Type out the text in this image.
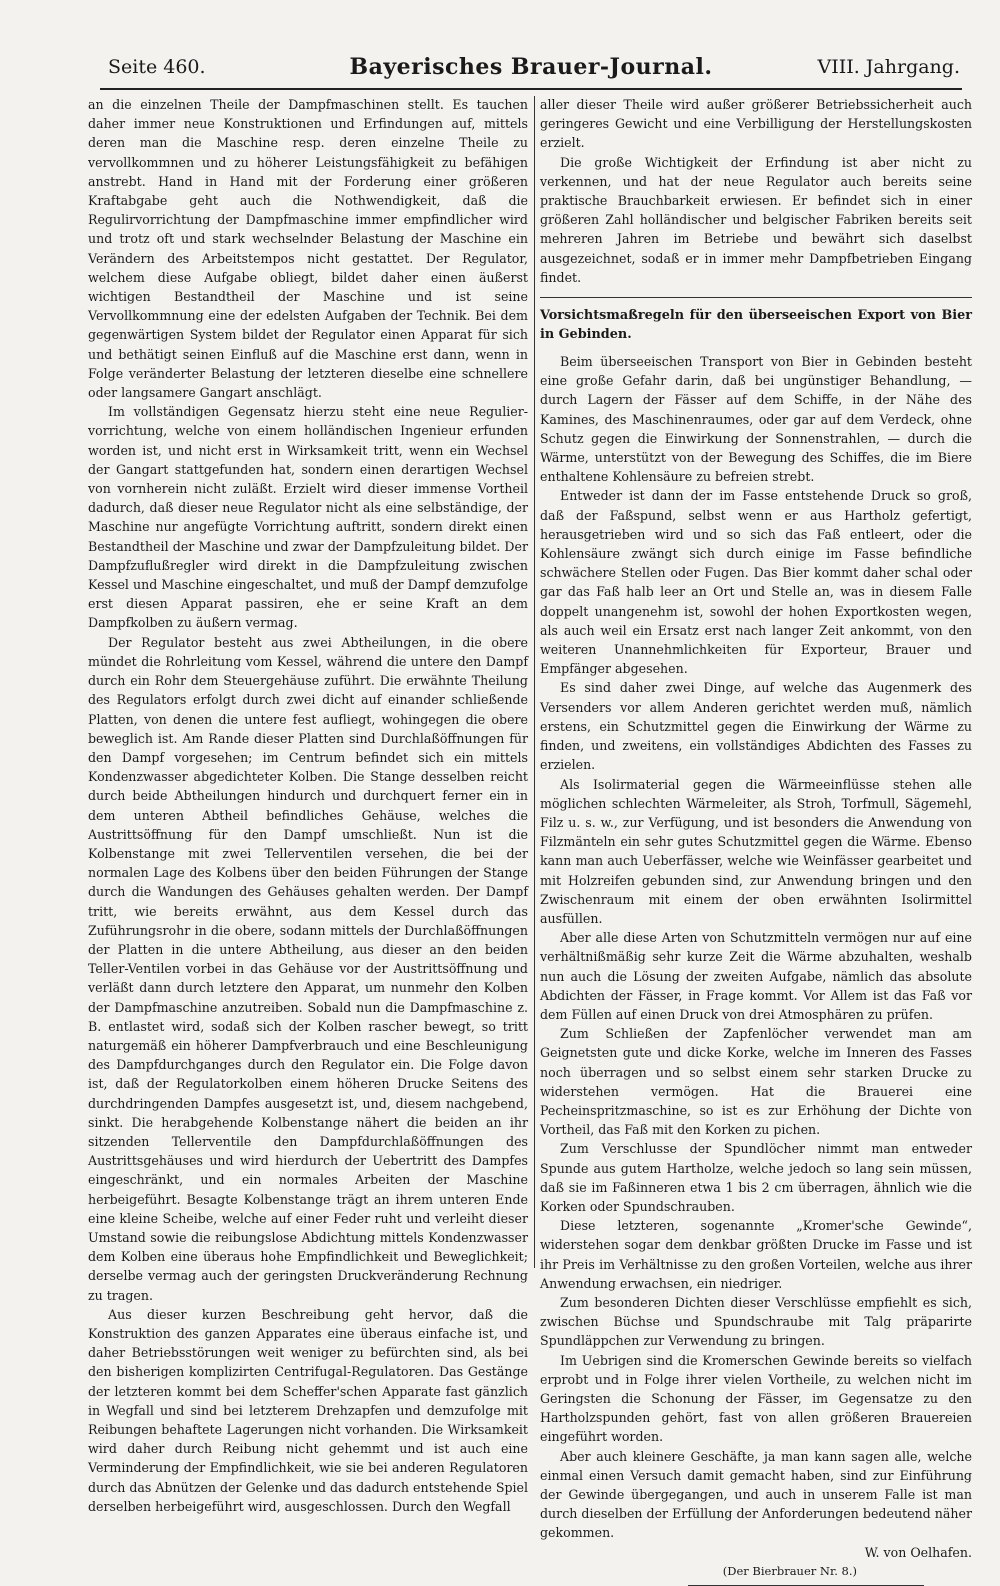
Seite 460.	Bayerisches Brauer-Journal.	VIII. Jahrgang.

an die einzelnen Theile der Dampfmaschinen stellt. Es tauchen daher immer neue Konstruktionen und Erfindungen auf, mittels deren man die Maschine resp. deren einzelne Theile zu vervollkommnen und zu höherer Leistungsfähigkeit zu befähigen anstrebt. Hand in Hand mit der Forderung einer größeren Kraftabgabe geht auch die Nothwendigkeit, daß die Regulirvorrichtung der Dampfmaschine immer empfindlicher wird und trotz oft und stark wechselnder Belastung der Maschine ein Verändern des Arbeitstempos nicht gestattet. Der Regulator, welchem diese Aufgabe obliegt, bildet daher einen äußerst wichtigen Bestandtheil der Maschine und ist seine Vervollkommnung eine der edelsten Aufgaben der Technik. Bei dem gegenwärtigen System bildet der Regulator einen Apparat für sich und bethätigt seinen Einfluß auf die Maschine erst dann, wenn in Folge veränderter Belastung der letzteren dieselbe eine schnellere oder langsamere Gangart anschlägt.

Im vollständigen Gegensatz hierzu steht eine neue Regulier-vorrichtung, welche von einem holländischen Ingenieur erfunden worden ist, und nicht erst in Wirksamkeit tritt, wenn ein Wechsel der Gangart stattgefunden hat, sondern einen derartigen Wechsel von vornherein nicht zuläßt. Erzielt wird dieser immense Vortheil dadurch, daß dieser neue Regulator nicht als eine selbständige, der Maschine nur angefügte Vorrichtung auftritt, sondern direkt einen Bestandtheil der Maschine und zwar der Dampfzuleitung bildet. Der Dampfzuflußregler wird direkt in die Dampfzuleitung zwischen Kessel und Maschine eingeschaltet, und muß der Dampf demzufolge erst diesen Apparat passiren, ehe er seine Kraft an dem Dampfkolben zu äußern vermag.

Der Regulator besteht aus zwei Abtheilungen, in die obere mündet die Rohrleitung vom Kessel, während die untere den Dampf durch ein Rohr dem Steuergehäuse zuführt. Die erwähnte Theilung des Regulators erfolgt durch zwei dicht auf einander schließende Platten, von denen die untere fest aufliegt, wohingegen die obere beweglich ist. Am Rande dieser Platten sind Durchlaßöffnungen für den Dampf vorgesehen; im Centrum befindet sich ein mittels Kondenzwasser abgedichteter Kolben. Die Stange desselben reicht durch beide Abtheilungen hindurch und durchquert ferner ein in dem unteren Abtheil befindliches Gehäuse, welches die Austrittsöffnung für den Dampf umschließt. Nun ist die Kolbenstange mit zwei Tellerventilen versehen, die bei der normalen Lage des Kolbens über den beiden Führungen der Stange durch die Wandungen des Gehäuses gehalten werden. Der Dampf tritt, wie bereits erwähnt, aus dem Kessel durch das Zuführungsrohr in die obere, sodann mittels der Durchlaßöffnungen der Platten in die untere Abtheilung, aus dieser an den beiden Teller-Ventilen vorbei in das Gehäuse vor der Austrittsöffnung und verläßt dann durch letztere den Apparat, um nunmehr den Kolben der Dampfmaschine anzutreiben. Sobald nun die Dampfmaschine z. B. entlastet wird, sodaß sich der Kolben rascher bewegt, so tritt naturgemäß ein höherer Dampfverbrauch und eine Beschleunigung des Dampfdurchganges durch den Regulator ein. Die Folge davon ist, daß der Regulatorkolben einem höheren Drucke Seitens des durchdringenden Dampfes ausgesetzt ist, und, diesem nachgebend, sinkt. Die herabgehende Kolbenstange nähert die beiden an ihr sitzenden Tellerventile den Dampfdurchlaßöffnungen des Austrittsgehäuses und wird hierdurch der Uebertritt des Dampfes eingeschränkt, und ein normales Arbeiten der Maschine herbeigeführt. Besagte Kolbenstange trägt an ihrem unteren Ende eine kleine Scheibe, welche auf einer Feder ruht und verleiht dieser Umstand sowie die reibungslose Abdichtung mittels Kondenzwasser dem Kolben eine überaus hohe Empfindlichkeit und Beweglichkeit; derselbe vermag auch der geringsten Druckveränderung Rechnung zu tragen.

Aus dieser kurzen Beschreibung geht hervor, daß die Konstruktion des ganzen Apparates eine überaus einfache ist, und daher Betriebsstörungen weit weniger zu befürchten sind, als bei den bisherigen komplizirten Centrifugal-Regulatoren. Das Gestänge der letzteren kommt bei dem Scheffer'schen Apparate fast gänzlich in Wegfall und sind bei letzterem Drehzapfen und demzufolge mit Reibungen behaftete Lagerungen nicht vorhanden. Die Wirksamkeit wird daher durch Reibung nicht gehemmt und ist auch eine Verminderung der Empfindlichkeit, wie sie bei anderen Regulatoren durch das Abnützen der Gelenke und das dadurch entstehende Spiel derselben herbeigeführt wird, ausgeschlossen. Durch den Wegfall

aller dieser Theile wird außer größerer Betriebssicherheit auch geringeres Gewicht und eine Verbilligung der Herstellungskosten erzielt.

Die große Wichtigkeit der Erfindung ist aber nicht zu verkennen, und hat der neue Regulator auch bereits seine praktische Brauchbarkeit erwiesen. Er befindet sich in einer größeren Zahl holländischer und belgischer Fabriken bereits seit mehreren Jahren im Betriebe und bewährt sich daselbst ausgezeichnet, sodaß er in immer mehr Dampfbetrieben Eingang findet.

Vorsichtsmaßregeln für den überseeischen Export von Bier in Gebinden.

Beim überseeischen Transport von Bier in Gebinden besteht eine große Gefahr darin, daß bei ungünstiger Behandlung, — durch Lagern der Fässer auf dem Schiffe, in der Nähe des Kamines, des Maschinenraumes, oder gar auf dem Verdeck, ohne Schutz gegen die Einwirkung der Sonnenstrahlen, — durch die Wärme, unterstützt von der Bewegung des Schiffes, die im Biere enthaltene Kohlensäure zu befreien strebt.

Entweder ist dann der im Fasse entstehende Druck so groß, daß der Faßspund, selbst wenn er aus Hartholz gefertigt, herausgetrieben wird und so sich das Faß entleert, oder die Kohlensäure zwängt sich durch einige im Fasse befindliche schwächere Stellen oder Fugen. Das Bier kommt daher schal oder gar das Faß halb leer an Ort und Stelle an, was in diesem Falle doppelt unangenehm ist, sowohl der hohen Exportkosten wegen, als auch weil ein Ersatz erst nach langer Zeit ankommt, von den weiteren Unannehmlichkeiten für Exporteur, Brauer und Empfänger abgesehen.

Es sind daher zwei Dinge, auf welche das Augenmerk des Versenders vor allem Anderen gerichtet werden muß, nämlich erstens, ein Schutzmittel gegen die Einwirkung der Wärme zu finden, und zweitens, ein vollständiges Abdichten des Fasses zu erzielen.

Als Isolirmaterial gegen die Wärmeeinflüsse stehen alle möglichen schlechten Wärmeleiter, als Stroh, Torfmull, Sägemehl, Filz u. s. w., zur Verfügung, und ist besonders die Anwendung von Filzmänteln ein sehr gutes Schutzmittel gegen die Wärme. Ebenso kann man auch Ueberfässer, welche wie Weinfässer gearbeitet und mit Holzreifen gebunden sind, zur Anwendung bringen und den Zwischenraum mit einem der oben erwähnten Isolirmittel ausfüllen.

Aber alle diese Arten von Schutzmitteln vermögen nur auf eine verhältnißmäßig sehr kurze Zeit die Wärme abzuhalten, weshalb nun auch die Lösung der zweiten Aufgabe, nämlich das absolute Abdichten der Fässer, in Frage kommt. Vor Allem ist das Faß vor dem Füllen auf einen Druck von drei Atmosphären zu prüfen.

Zum Schließen der Zapfenlöcher verwendet man am Geignetsten gute und dicke Korke, welche im Inneren des Fasses noch überragen und so selbst einem sehr starken Drucke zu widerstehen vermögen. Hat die Brauerei eine Pecheinspritzmaschine, so ist es zur Erhöhung der Dichte von Vortheil, das Faß mit den Korken zu pichen.

Zum Verschlusse der Spundlöcher nimmt man entweder Spunde aus gutem Hartholze, welche jedoch so lang sein müssen, daß sie im Faßinneren etwa 1 bis 2 cm überragen, ähnlich wie die Korken oder Spundschrauben.

Diese letzteren, sogenannte „Kromer'sche Gewinde“, widerstehen sogar dem denkbar größten Drucke im Fasse und ist ihr Preis im Verhältnisse zu den großen Vorteilen, welche aus ihrer Anwendung erwachsen, ein niedriger.

Zum besonderen Dichten dieser Verschlüsse empfiehlt es sich, zwischen Büchse und Spundschraube mit Talg präparirte Spundläppchen zur Verwendung zu bringen.

Im Uebrigen sind die Kromerschen Gewinde bereits so vielfach erprobt und in Folge ihrer vielen Vortheile, zu welchen nicht im Geringsten die Schonung der Fässer, im Gegensatze zu den Hartholzspunden gehört, fast von allen größeren Brauereien eingeführt worden.

Aber auch kleinere Geschäfte, ja man kann sagen alle, welche einmal einen Versuch damit gemacht haben, sind zur Einführung der Gewinde übergegangen, und auch in unserem Falle ist man durch dieselben der Erfüllung der Anforderungen bedeutend näher gekommen.

W. von Oelhafen.

(Der Bierbrauer Nr. 8.)
